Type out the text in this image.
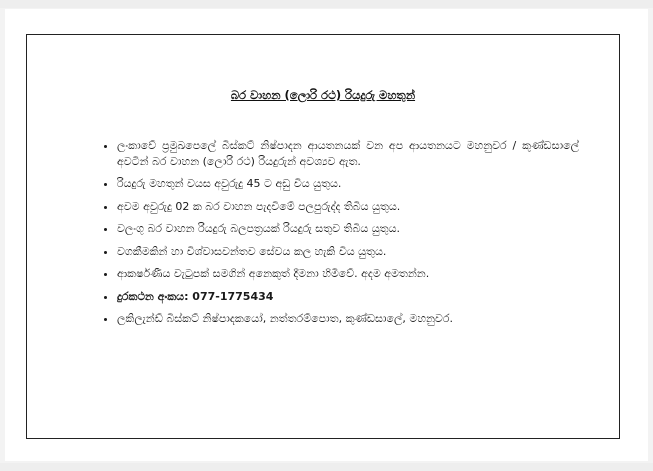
බර වාහන (ලොරි රථ) රියදුරු මහතුන්
• ලංකාවේ ප්‍රමුඛපෙලේ බිස්කට් නිෂ්පාදන ආයතනයක් වන අප ආයතනයට මහනුවර / කුණ්ඩසාලේ අවටින් බර වාහන (ලොරි රථ) රියදුරුන් අවශ්‍යව ඇත.
• රියදුරු මහතුන් වයස අවුරුදු 45 ට අඩු විය යුතුය.
• අවම අවුරුදු 02 ක බර වාහන පැදවීමේ පලපුරුද්ද තිබිය යුතුය.
• වලංගු බර වාහන රියදුරු බලපත්‍රයක් රියදුරු සතුව තිබිය යුතුය.
• වගකීමකින් හා විශ්වාසවන්තව සේවය කල හැකි විය යුතුය.
• ආකර්ෂණීය වැටුපක් සමගින් අනෙකුත් දීමනා හිමිවේ. අදම අමතන්න.
• දුරකථන අංකය: 077-1775434
• ලකිලැන්ඩ් බිස්කට් නිෂ්පාදකයෝ, නත්තරම්පොත, කුණ්ඩසාලේ, මහනුවර.
